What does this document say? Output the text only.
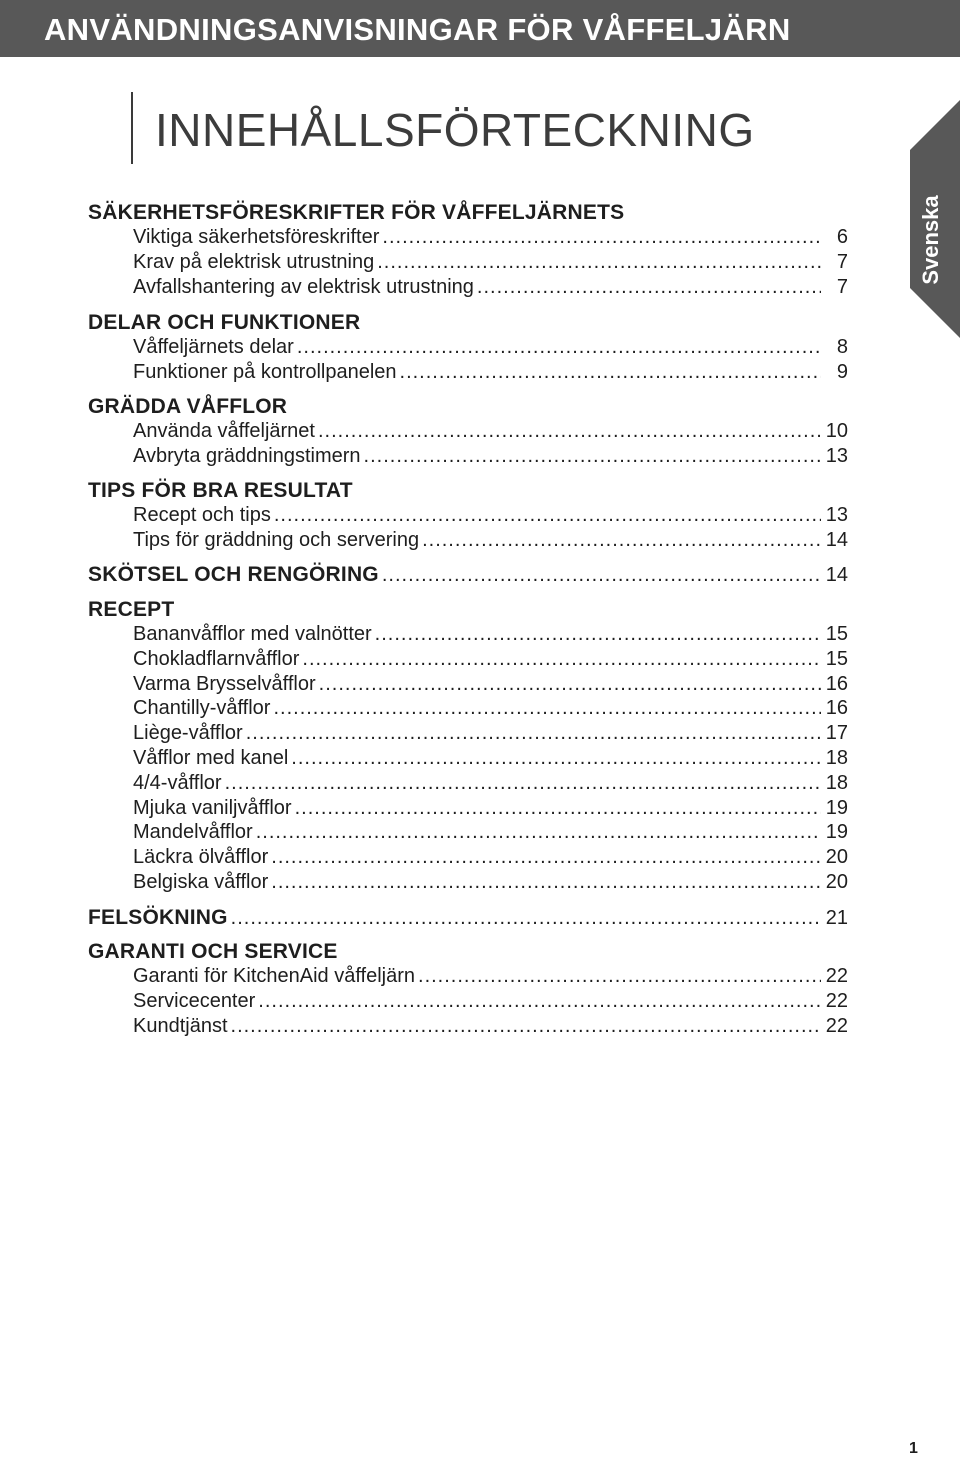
ANVÄNDNINGSANVISNINGAR FÖR VÅFFELJÄRN
INNEHÅLLSFÖRTECKNING
Svenska
SÄKERHETSFÖRESKRIFTER FÖR VÅFFELJÄRNETS
Viktiga säkerhetsföreskrifter .....	6
Krav på elektrisk utrustning .....	7
Avfallshantering av elektrisk utrustning .....	7
DELAR OCH FUNKTIONER
Våffeljärnets delar .....	8
Funktioner på kontrollpanelen .....	9
GRÄDDA VÅFFLOR
Använda våffeljärnet .....	10
Avbryta gräddningstimern .....	13
TIPS FÖR BRA RESULTAT
Recept och tips .....	13
Tips för gräddning och servering .....	14
SKÖTSEL OCH RENGÖRING .....	14
RECEPT
Bananvåfflor med valnötter .....	15
Chokladflarnvåfflor .....	15
Varma Brysselvåfflor .....	16
Chantilly-våfflor .....	16
Liège-våfflor .....	17
Våfflor med kanel .....	18
4/4-våfflor .....	18
Mjuka vaniljvåfflor .....	19
Mandelvåfflor .....	19
Läckra ölvåfflor .....	20
Belgiska våfflor .....	20
FELSÖKNING .....	21
GARANTI OCH SERVICE
Garanti för KitchenAid våffeljärn .....	22
Servicecenter .....	22
Kundtjänst .....	22
1
